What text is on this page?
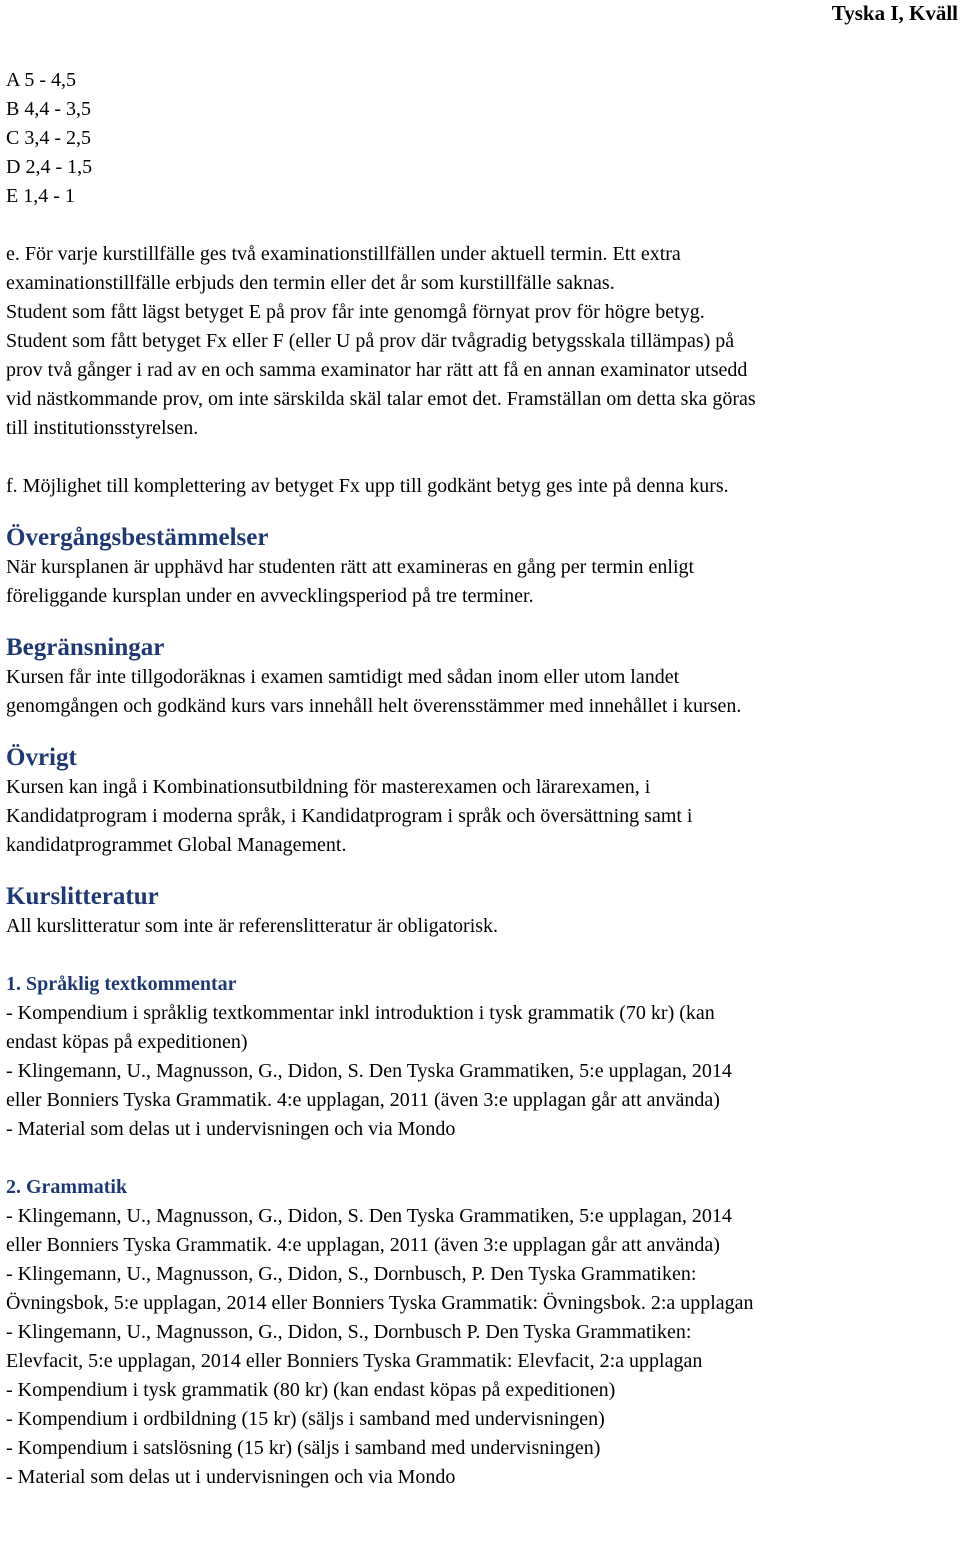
Tyska I, Kväll
A 5 - 4,5
B 4,4 - 3,5
C 3,4 - 2,5
D 2,4 - 1,5
E 1,4 - 1
e. För varje kurstillfälle ges två examinationstillfällen under aktuell termin. Ett extra
examinationstillfälle erbjuds den termin eller det år som kurstillfälle saknas.
Student som fått lägst betyget E på prov får inte genomgå förnyat prov för högre betyg.
Student som fått betyget Fx eller F (eller U på prov där tvågradig betygsskala tillämpas) på
prov två gånger i rad av en och samma examinator har rätt att få en annan examinator utsedd
vid nästkommande prov, om inte särskilda skäl talar emot det. Framställan om detta ska göras
till institutionsstyrelsen.
f. Möjlighet till komplettering av betyget Fx upp till godkänt betyg ges inte på denna kurs.
Övergångsbestämmelser
När kursplanen är upphävd har studenten rätt att examineras en gång per termin enligt
föreliggande kursplan under en avvecklingsperiod på tre terminer.
Begränsningar
Kursen får inte tillgodoräknas i examen samtidigt med sådan inom eller utom landet
genomgången och godkänd kurs vars innehåll helt överensstämmer med innehållet i kursen.
Övrigt
Kursen kan ingå i Kombinationsutbildning för masterexamen och lärarexamen, i
Kandidatprogram i moderna språk, i Kandidatprogram i språk och översättning samt i
kandidatprogrammet Global Management.
Kurslitteratur
All kurslitteratur som inte är referenslitteratur är obligatorisk.
1. Språklig textkommentar
- Kompendium i språklig textkommentar inkl introduktion i tysk grammatik (70 kr) (kan
endast köpas på expeditionen)
- Klingemann, U., Magnusson, G., Didon, S. Den Tyska Grammatiken, 5:e upplagan, 2014
eller Bonniers Tyska Grammatik. 4:e upplagan, 2011 (även 3:e upplagan går att använda)
- Material som delas ut i undervisningen och via Mondo
2. Grammatik
- Klingemann, U., Magnusson, G., Didon, S. Den Tyska Grammatiken, 5:e upplagan, 2014
eller Bonniers Tyska Grammatik. 4:e upplagan, 2011 (även 3:e upplagan går att använda)
- Klingemann, U., Magnusson, G., Didon, S., Dornbusch, P. Den Tyska Grammatiken:
Övningsbok, 5:e upplagan, 2014 eller Bonniers Tyska Grammatik: Övningsbok. 2:a upplagan
- Klingemann, U., Magnusson, G., Didon, S., Dornbusch P. Den Tyska Grammatiken:
Elevfacit, 5:e upplagan, 2014 eller Bonniers Tyska Grammatik: Elevfacit, 2:a upplagan
- Kompendium i tysk grammatik (80 kr) (kan endast köpas på expeditionen)
- Kompendium i ordbildning (15 kr) (säljs i samband med undervisningen)
- Kompendium i satslösning (15 kr) (säljs i samband med undervisningen)
- Material som delas ut i undervisningen och via Mondo
